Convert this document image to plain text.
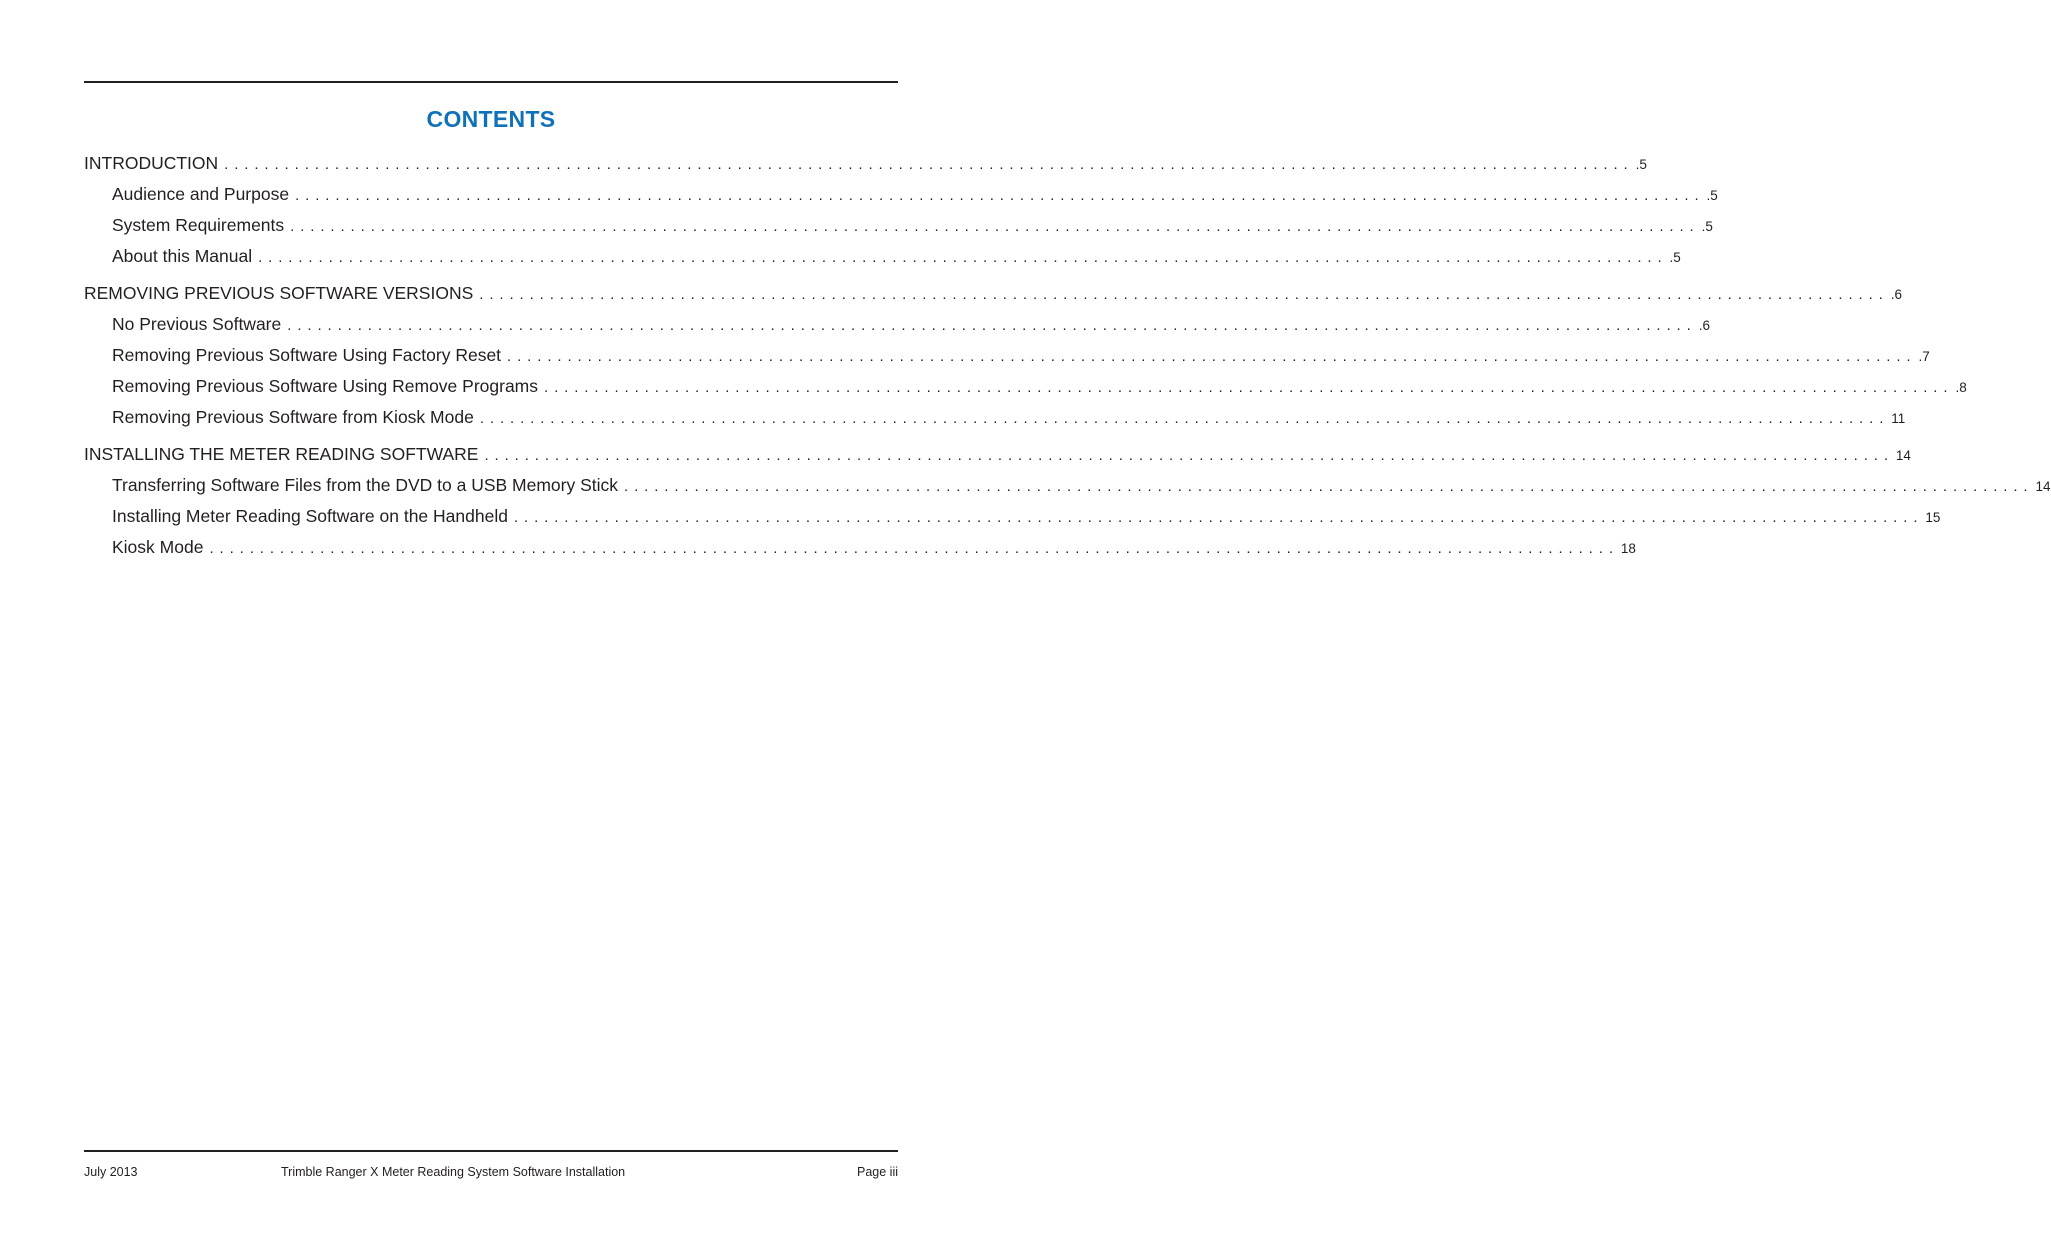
CONTENTS
INTRODUCTION ............................................................................................................................................ .5
Audience and Purpose ............................................................................................................................................ .5
System Requirements ............................................................................................................................................ .5
About this Manual ............................................................................................................................................ .5
REMOVING PREVIOUS SOFTWARE VERSIONS ............................................................................................................................................ .6
No Previous Software ............................................................................................................................................ .6
Removing Previous Software Using Factory Reset ............................................................................................................................................ .7
Removing Previous Software Using Remove Programs ............................................................................................................................................ .8
Removing Previous Software from Kiosk Mode ............................................................................................................................................ 11
INSTALLING THE METER READING SOFTWARE ............................................................................................................................................ 14
Transferring Software Files from the DVD to a USB Memory Stick ............................................................................................................................................ 14
Installing Meter Reading Software on the Handheld ............................................................................................................................................ 15
Kiosk Mode ............................................................................................................................................ 18
July 2013	Trimble Ranger X Meter Reading System Software Installation	Page iii
